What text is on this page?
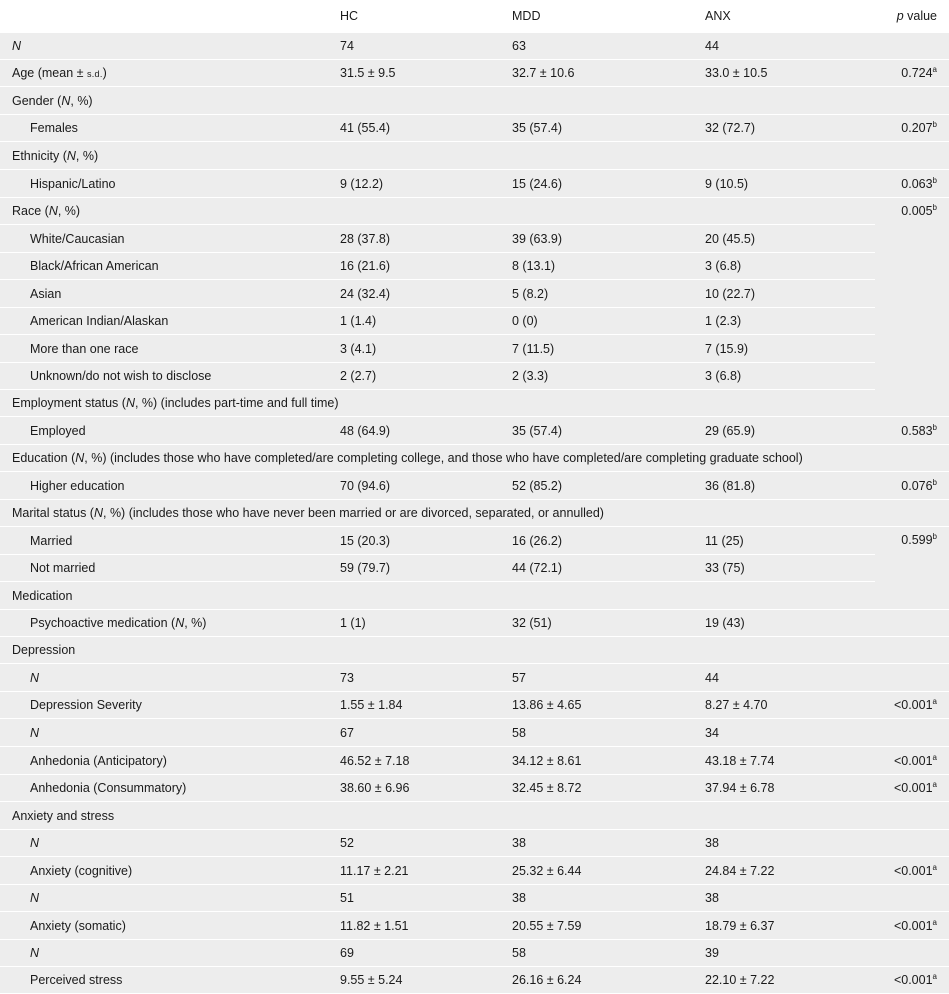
	HC	MDD	ANX	p value
N	74	63	44	
Age (mean ± s.d.)	31.5 ± 9.5	32.7 ± 10.6	33.0 ± 10.5	0.724$^a$
Gender (N, %)				
Females	41 (55.4)	35 (57.4)	32 (72.7)	0.207$^b$
Ethnicity (N, %)				
Hispanic/Latino	9 (12.2)	15 (24.6)	9 (10.5)	0.063$^b$
Race (N, %)				0.005$^b$
White/Caucasian	28 (37.8)	39 (63.9)	20 (45.5)	
Black/African American	16 (21.6)	8 (13.1)	3 (6.8)	
Asian	24 (32.4)	5 (8.2)	10 (22.7)	
American Indian/Alaskan	1 (1.4)	0 (0)	1 (2.3)	
More than one race	3 (4.1)	7 (11.5)	7 (15.9)	
Unknown/do not wish to disclose	2 (2.7)	2 (3.3)	3 (6.8)	
Employment status (N, %) (includes part-time and full time)				
Employed	48 (64.9)	35 (57.4)	29 (65.9)	0.583$^b$
Education (N, %) (includes those who have completed/are completing college, and those who have completed/are completing graduate school)				
Higher education	70 (94.6)	52 (85.2)	36 (81.8)	0.076$^b$
Marital status (N, %) (includes those who have never been married or are divorced, separated, or annulled)				
Married	15 (20.3)	16 (26.2)	11 (25)	0.599$^b$
Not married	59 (79.7)	44 (72.1)	33 (75)	
Medication				
Psychoactive medication (N, %)	1 (1)	32 (51)	19 (43)	
Depression				
N	73	57	44	
Depression Severity	1.55 ± 1.84	13.86 ± 4.65	8.27 ± 4.70	<0.001$^a$
N	67	58	34	
Anhedonia (Anticipatory)	46.52 ± 7.18	34.12 ± 8.61	43.18 ± 7.74	<0.001$^a$
Anhedonia (Consummatory)	38.60 ± 6.96	32.45 ± 8.72	37.94 ± 6.78	<0.001$^a$
Anxiety and stress				
N	52	38	38	
Anxiety (cognitive)	11.17 ± 2.21	25.32 ± 6.44	24.84 ± 7.22	<0.001$^a$
N	51	38	38	
Anxiety (somatic)	11.82 ± 1.51	20.55 ± 7.59	18.79 ± 6.37	<0.001$^a$
N	69	58	39	
Perceived stress	9.55 ± 5.24	26.16 ± 6.24	22.10 ± 7.22	<0.001$^a$
